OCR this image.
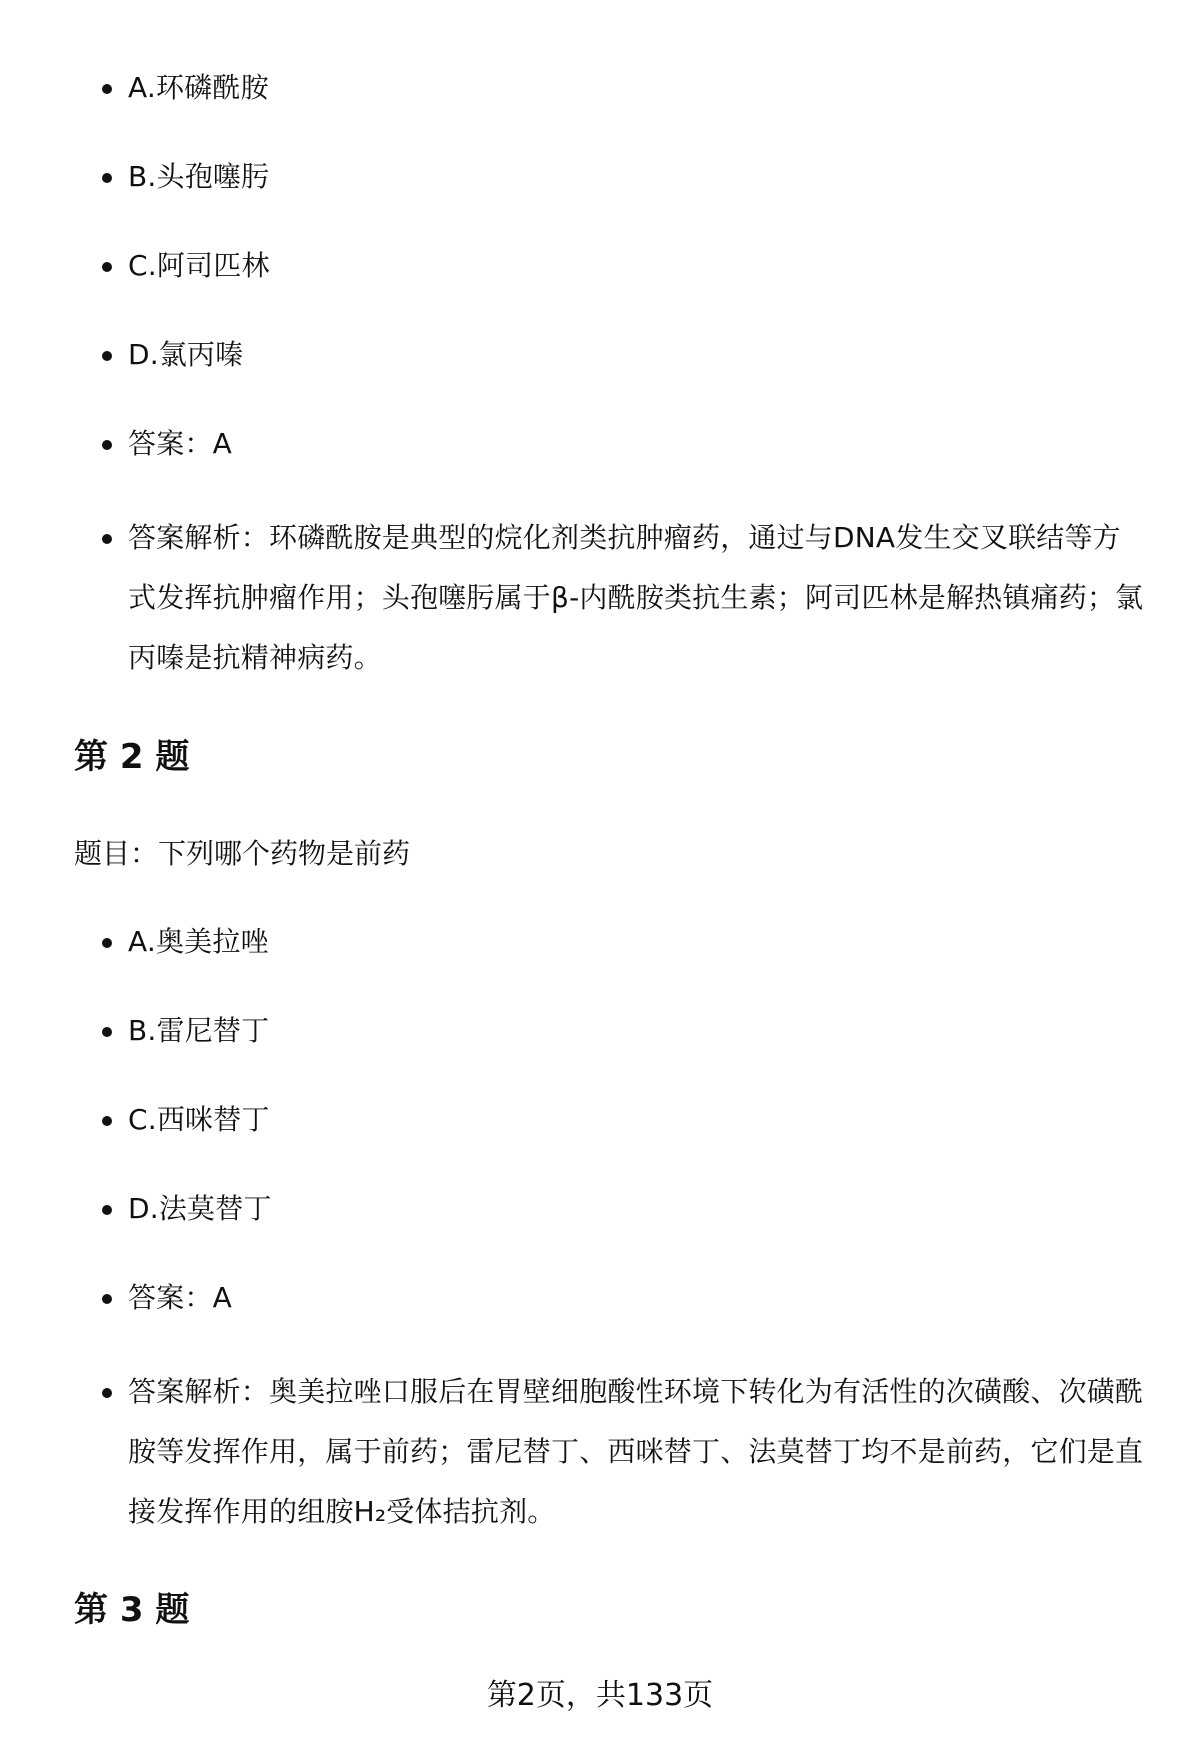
A.环磷酰胺
B.头孢噻肟
C.阿司匹林
D.氯丙嗪
答案：A
答案解析：环磷酰胺是典型的烷化剂类抗肿瘤药，通过与DNA发生交叉联结等方式发挥抗肿瘤作用；头孢噻肟属于β-内酰胺类抗生素；阿司匹林是解热镇痛药；氯丙嗪是抗精神病药。
第 2 题

题目：下列哪个药物是前药

A.奥美拉唑
B.雷尼替丁
C.西咪替丁
D.法莫替丁
答案：A
答案解析：奥美拉唑口服后在胃壁细胞酸性环境下转化为有活性的次磺酸、次磺酰胺等发挥作用，属于前药；雷尼替丁、西咪替丁、法莫替丁均不是前药，它们是直接发挥作用的组胺H₂受体拮抗剂。
第 3 题
第2页，共133页
